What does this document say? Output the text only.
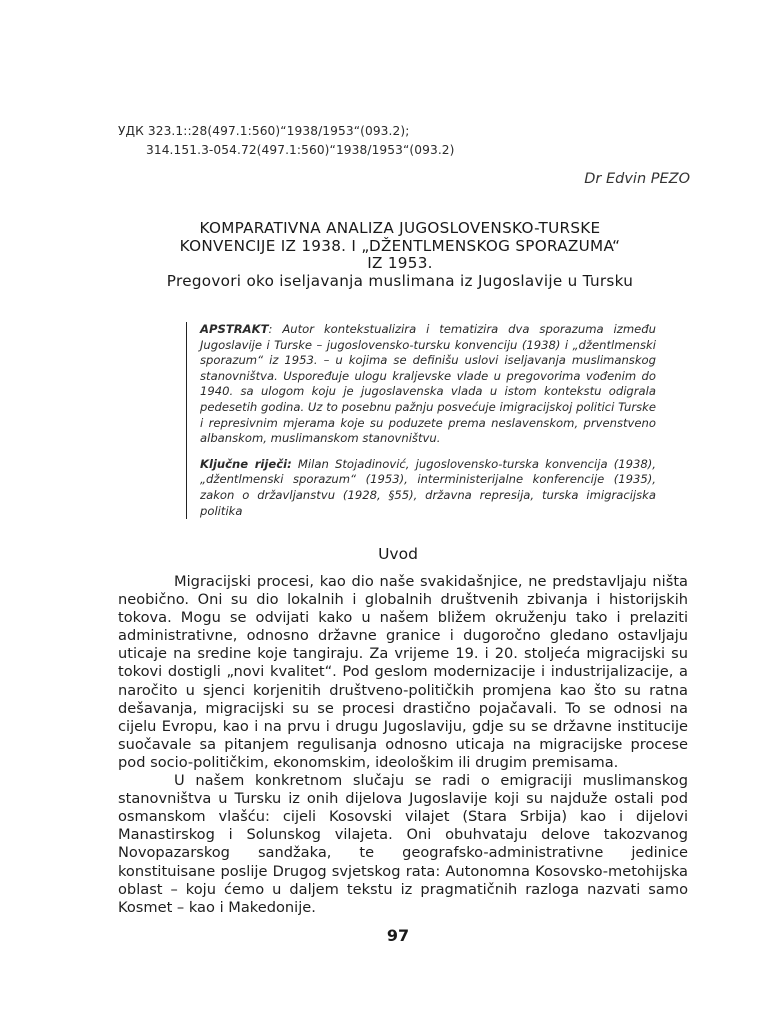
УДК 323.1::28(497.1:560)“1938/1953“(093.2);
314.151.3-054.72(497.1:560)“1938/1953“(093.2)
Dr Edvin PEZO
KOMPARATIVNA ANALIZA JUGOSLOVENSKO-TURSKE
KONVENCIJE IZ 1938. I „DŽENTLMENSKOG SPORAZUMA“
IZ 1953.
Pregovori oko iseljavanja muslimana iz Jugoslavije u Tursku

APSTRAKT: Autor kontekstualizira i tematizira dva sporazuma između Jugoslavije i Turske – jugoslovensko-tursku konvenciju (1938) i „džentlmenski sporazum“ iz 1953. – u kojima se definišu uslovi iseljavanja muslimanskog stanovništva. Uspoređuje ulogu kraljevske vlade u pregovorima vođenim do 1940. sa ulogom koju je jugoslavenska vlada u istom kontekstu odigrala pedesetih godina. Uz to posebnu pažnju posvećuje imigracijskoj politici Turske i represivnim mjerama koje su poduzete prema neslavenskom, prvenstveno albanskom, muslimanskom stanovništvu.

Ključne riječi: Milan Stojadinović, jugoslovensko-turska konvencija (1938), „džentlmenski sporazum“ (1953), interministerijalne konferencije (1935), zakon o državljanstvu (1928, §55), državna represija, turska imigracijska politika

Uvod

Migracijski procesi, kao dio naše svakidašnjice, ne predstavljaju ništa neobično. Oni su dio lokalnih i globalnih društvenih zbivanja i historijskih tokova. Mogu se odvijati kako u našem bližem okruženju tako i prelaziti administrativne, odnosno državne granice i dugoročno gledano ostavljaju uticaje na sredine koje tangiraju. Za vrijeme 19. i 20. stoljeća migracijski su tokovi dostigli „novi kvalitet“. Pod geslom modernizacije i industrijalizacije, a naročito u sjenci korjenitih društveno-političkih promjena kao što su ratna dešavanja, migracijski su se procesi drastično pojačavali. To se odnosi na cijelu Evropu, kao i na prvu i drugu Jugoslaviju, gdje su se državne institucije suočavale sa pitanjem regulisanja odnosno uticaja na migracijske procese pod socio-političkim, ekonomskim, ideološkim ili drugim premisama.

U našem konkretnom slučaju se radi o emigraciji muslimanskog stanovništva u Tursku iz onih dijelova Jugoslavije koji su najduže ostali pod osmanskom vlašću: cijeli Kosovski vilajet (Stara Srbija) kao i dijelovi Manastirskog i Solunskog vilajeta. Oni obuhvataju delove takozvanog Novopazarskog sandžaka, te geografsko-administrativne jedinice konstituisane poslije Drugog svjetskog rata: Autonomna Kosovsko-metohijska oblast – koju ćemo u daljem tekstu iz pragmatičnih razloga nazvati samo Kosmet – kao i Makedonije.

97
